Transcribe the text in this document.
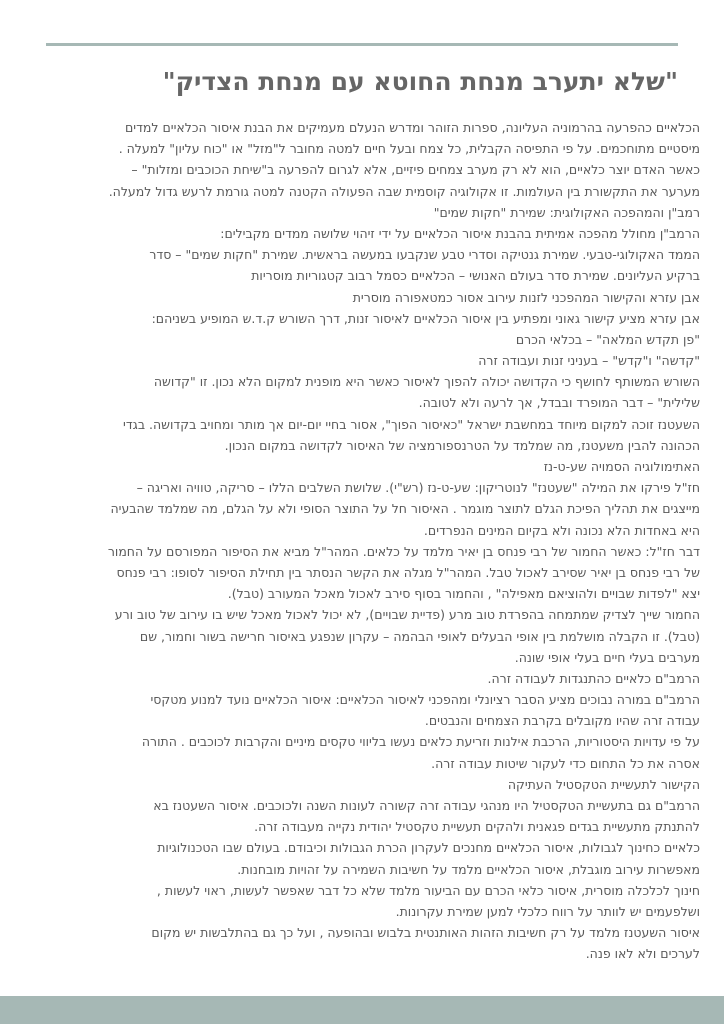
"שלא יתערב מנחת החוטא עם מנחת הצדיק"
הכלאיים כהפרעה בהרמוניה העליונה, ספרות הזוהר ומדרש הנעלם מעמיקים את הבנת איסור הכלאיים למדים
מיסטיים מתוחכמים. על פי התפיסה הקבלית, כל צמח ובעל חיים למטה מחובר ל"מזל" או "כוח עליון" למעלה .
כאשר האדם יוצר כלאיים, הוא לא רק מערב צמחים פיזיים, אלא לגרום להפרעה ב"שיחת הכוכבים ומזלות" –
מערער את התקשורת בין העולמות. זו אקולוגיה קוסמית שבה הפעולה הקטנה למטה גורמת לרעש גדול למעלה.
רמב"ן והמהפכה האקולוגית: שמירת "חקות שמים"
הרמב"ן מחולל מהפכה אמיתית בהבנת איסור הכלאיים על ידי זיהוי שלושה ממדים מקבילים:
הממד האקולוגי-טבעי. שמירת גנטיקה וסדרי טבע שנקבעו במעשה בראשית. שמירת "חקות שמים" – סדר
ברקיע העליונים. שמירת סדר בעולם האנושי – הכלאיים כסמל רבוב קטגוריות מוסריות
אבן עזרא והקישור המהפכני לזנות עירוב אסור כמטאפורה מוסרית
אבן עזרא מציע קישור גאוני ומפתיע בין איסור הכלאיים לאיסור זנות, דרך השורש ק.ד.ש המופיע בשניהם:
"פן תקדש המלאה" – בכלאי הכרם
"קדשה" ו"קדש" – בעניני זנות ועבודה זרה
השורש המשותף לחושף כי הקדושה יכולה להפוך לאיסור כאשר היא מופנית למקום הלא נכון. זו "קדושה
שלילית" – דבר המופרד ובבדל, אך לרעה ולא לטובה.
השעטנז זוכה למקום מיוחד במחשבת ישראל "כאיסור הפוך", אסור בחיי יום-יום אך מותר ומחויב בקדושה. בגדי
הכהונה להבין משעטנז, מה שמלמד על הטרנספורמציה של האיסור לקדושה במקום הנכון.
האתימולוגיה הסמויה שע-ט-נז
חז"ל פירקו את המילה "שעטנז" לנוטריקון: שע-ט-נז (רש"י). שלושת השלבים הללו – סריקה, טוויה ואריגה –
מייצגים את תהליך הפיכת הגלם לתוצר מוגמר . האיסור חל על התוצר הסופי ולא על הגלם, מה שמלמד שהבעיה
היא באחדות הלא נכונה ולא בקיום המינים הנפרדים.
דבר חז"ל: כאשר החמור של רבי פנחס בן יאיר מלמד על כלאים. המהר"ל מביא את הסיפור המפורסם על החמור
של רבי פנחס בן יאיר שסירב לאכול טבל. המהר"ל מגלה את הקשר הנסתר בין תחילת הסיפור לסופו: רבי פנחס
יצא "לפדות שבויים ולהוציאם מאפילה" , והחמור בסוף סירב לאכול מאכל המעורב (טבל).
החמור שייך לצדיק שמתמחה בהפרדת טוב מרע (פדיית שבויים), לא יכול לאכול מאכל שיש בו עירוב של טוב ורע
(טבל). זו הקבלה מושלמת בין אופי הבעלים לאופי הבהמה – עקרון שנפגע באיסור חרישה בשור וחמור, שם
מערבים בעלי חיים בעלי אופי שונה.
הרמב"ם כלאיים כהתנגדות לעבודה זרה.
הרמב"ם במורה נבוכים מציע הסבר רציונלי ומהפכני לאיסור הכלאיים: איסור הכלאיים נועד למנוע מטקסי
עבודה זרה שהיו מקובלים בקרבת הצמחים והנבטים.
על פי עדויות היסטוריות, הרכבת אילנות וזריעת כלאים נעשו בליווי טקסים מיניים והקרבות לכוכבים . התורה
אסרה את כל התחום כדי לעקור שיטות עבודה זרה.
הקישור לתעשיית הטקסטיל העתיקה
הרמב"ם גם בתעשיית הטקסטיל היו מנהגי עבודה זרה קשורה לעונות השנה ולכוכבים. איסור השעטנז בא
להתנתק מתעשיית בגדים פגאנית ולהקים תעשיית טקסטיל יהודית נקייה מעבודה זרה.
כלאיים כחינוך לגבולות, איסור הכלאיים מחנכים לעקרון הכרת הגבולות וכיבודם. בעולם שבו הטכנולוגיות
מאפשרות עירוב מוגבלת, איסור הכלאיים מלמד על חשיבות השמירה על זהויות מובחנות.
חינוך לכלכלה מוסרית, איסור כלאי הכרם עם הביעור מלמד שלא כל דבר שאפשר לעשות, ראוי לעשות ,
ושלפעמים יש לוותר על רווח כלכלי למען שמירת עקרונות.
איסור השעטנז מלמד על רק חשיבות הזהות האותנטית בלבוש ובהופעה , ועל כך גם בהתלבשות יש מקום
לערכים ולא לאו פנה.
